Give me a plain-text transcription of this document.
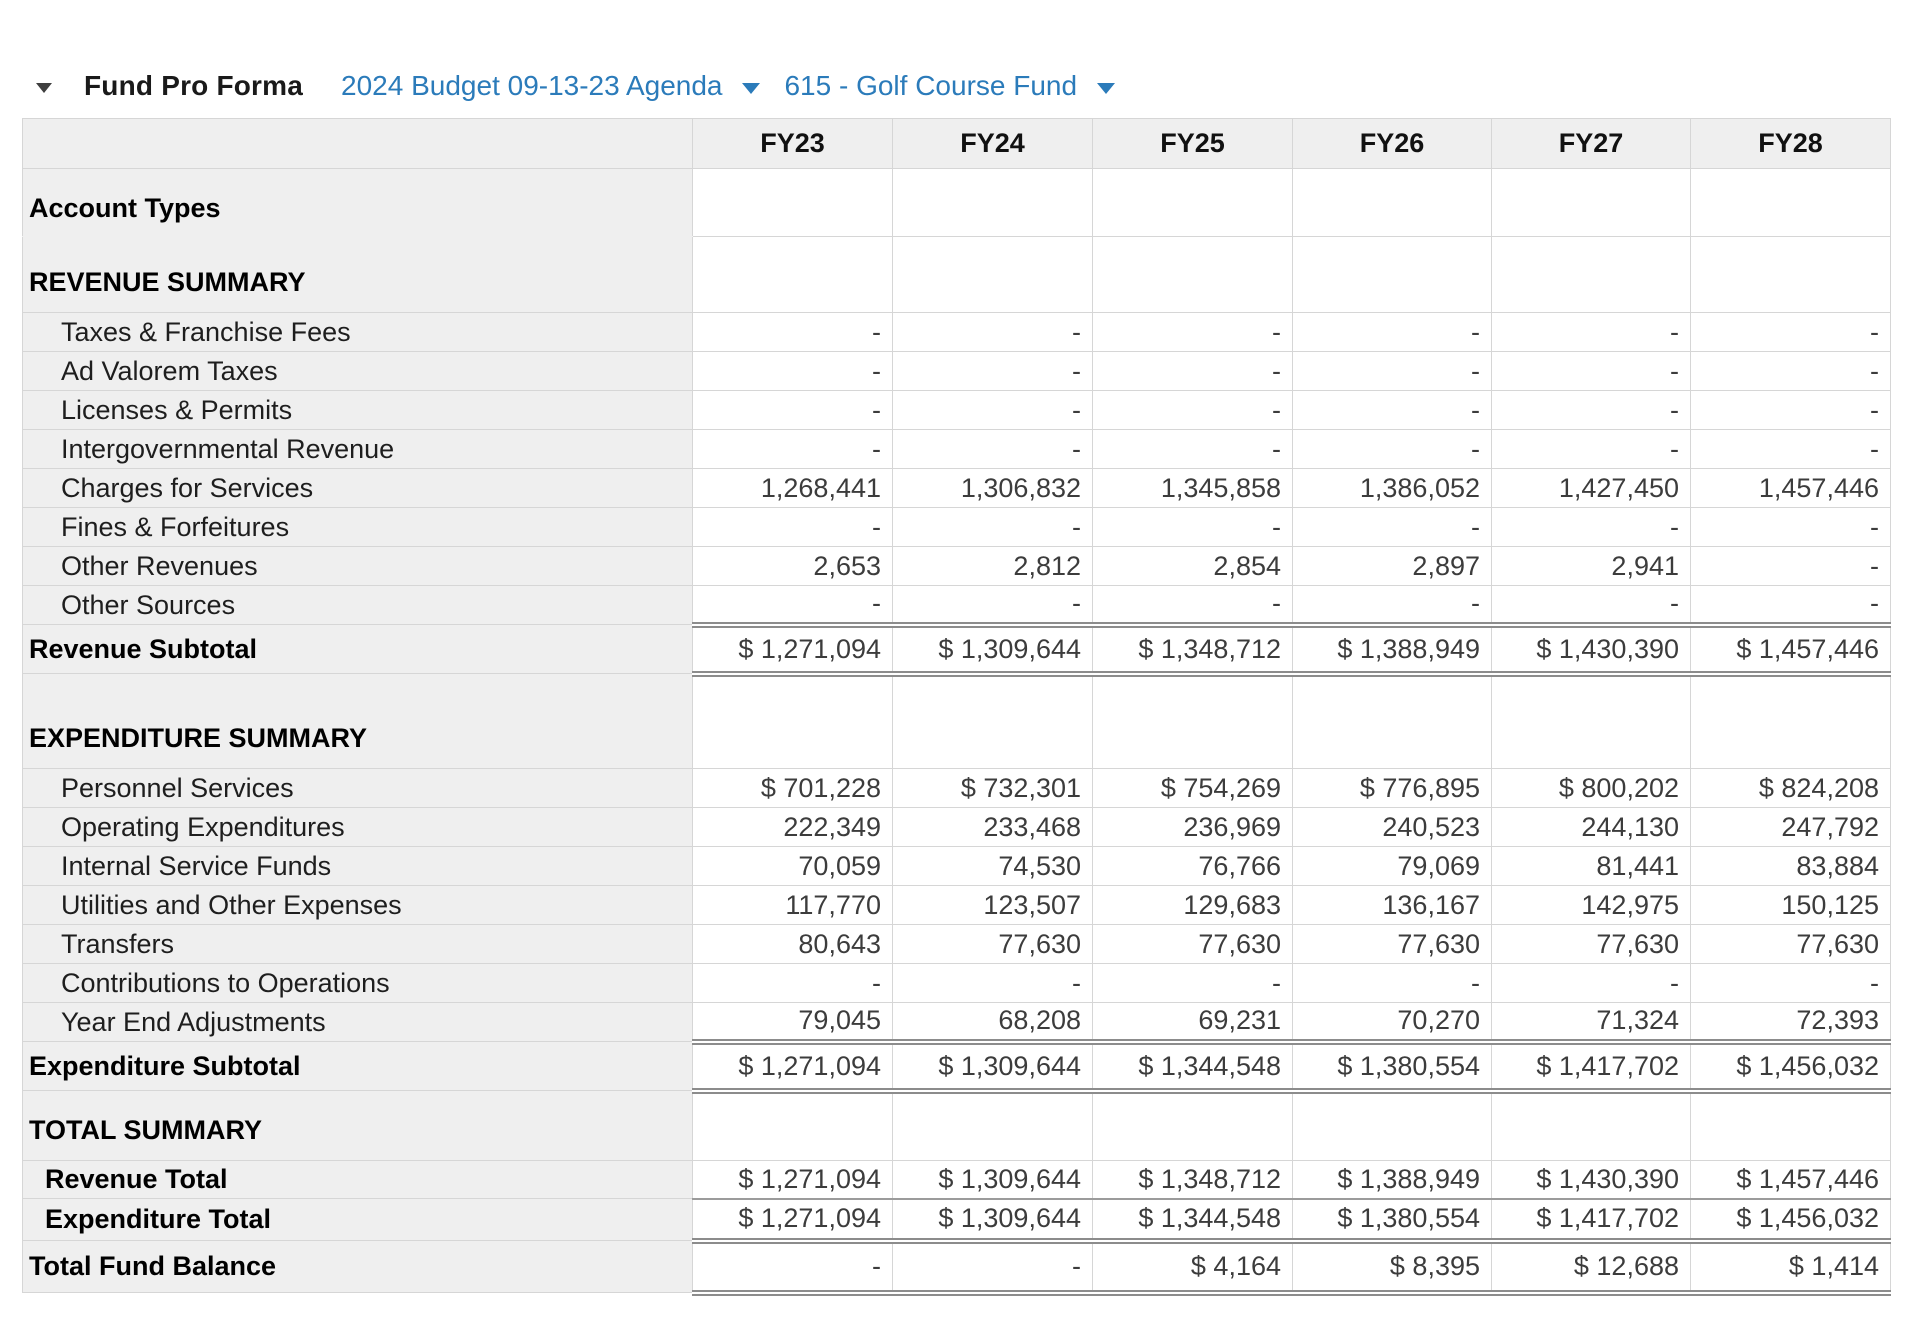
Fund Pro Forma 2024 Budget 09-13-23 Agenda 615 - Golf Course Fund
	FY23	FY24	FY25	FY26	FY27	FY28
Account Types						
REVENUE SUMMARY						
Taxes & Franchise Fees	-	-	-	-	-	-
Ad Valorem Taxes	-	-	-	-	-	-
Licenses & Permits	-	-	-	-	-	-
Intergovernmental Revenue	-	-	-	-	-	-
Charges for Services	1,268,441	1,306,832	1,345,858	1,386,052	1,427,450	1,457,446
Fines & Forfeitures	-	-	-	-	-	-
Other Revenues	2,653	2,812	2,854	2,897	2,941	-
Other Sources	-	-	-	-	-	-
Revenue Subtotal	$ 1,271,094	$ 1,309,644	$ 1,348,712	$ 1,388,949	$ 1,430,390	$ 1,457,446
EXPENDITURE SUMMARY						
Personnel Services	$ 701,228	$ 732,301	$ 754,269	$ 776,895	$ 800,202	$ 824,208
Operating Expenditures	222,349	233,468	236,969	240,523	244,130	247,792
Internal Service Funds	70,059	74,530	76,766	79,069	81,441	83,884
Utilities and Other Expenses	117,770	123,507	129,683	136,167	142,975	150,125
Transfers	80,643	77,630	77,630	77,630	77,630	77,630
Contributions to Operations	-	-	-	-	-	-
Year End Adjustments	79,045	68,208	69,231	70,270	71,324	72,393
Expenditure Subtotal	$ 1,271,094	$ 1,309,644	$ 1,344,548	$ 1,380,554	$ 1,417,702	$ 1,456,032
TOTAL SUMMARY						
Revenue Total	$ 1,271,094	$ 1,309,644	$ 1,348,712	$ 1,388,949	$ 1,430,390	$ 1,457,446
Expenditure Total	$ 1,271,094	$ 1,309,644	$ 1,344,548	$ 1,380,554	$ 1,417,702	$ 1,456,032
Total Fund Balance	-	-	$ 4,164	$ 8,395	$ 12,688	$ 1,414
